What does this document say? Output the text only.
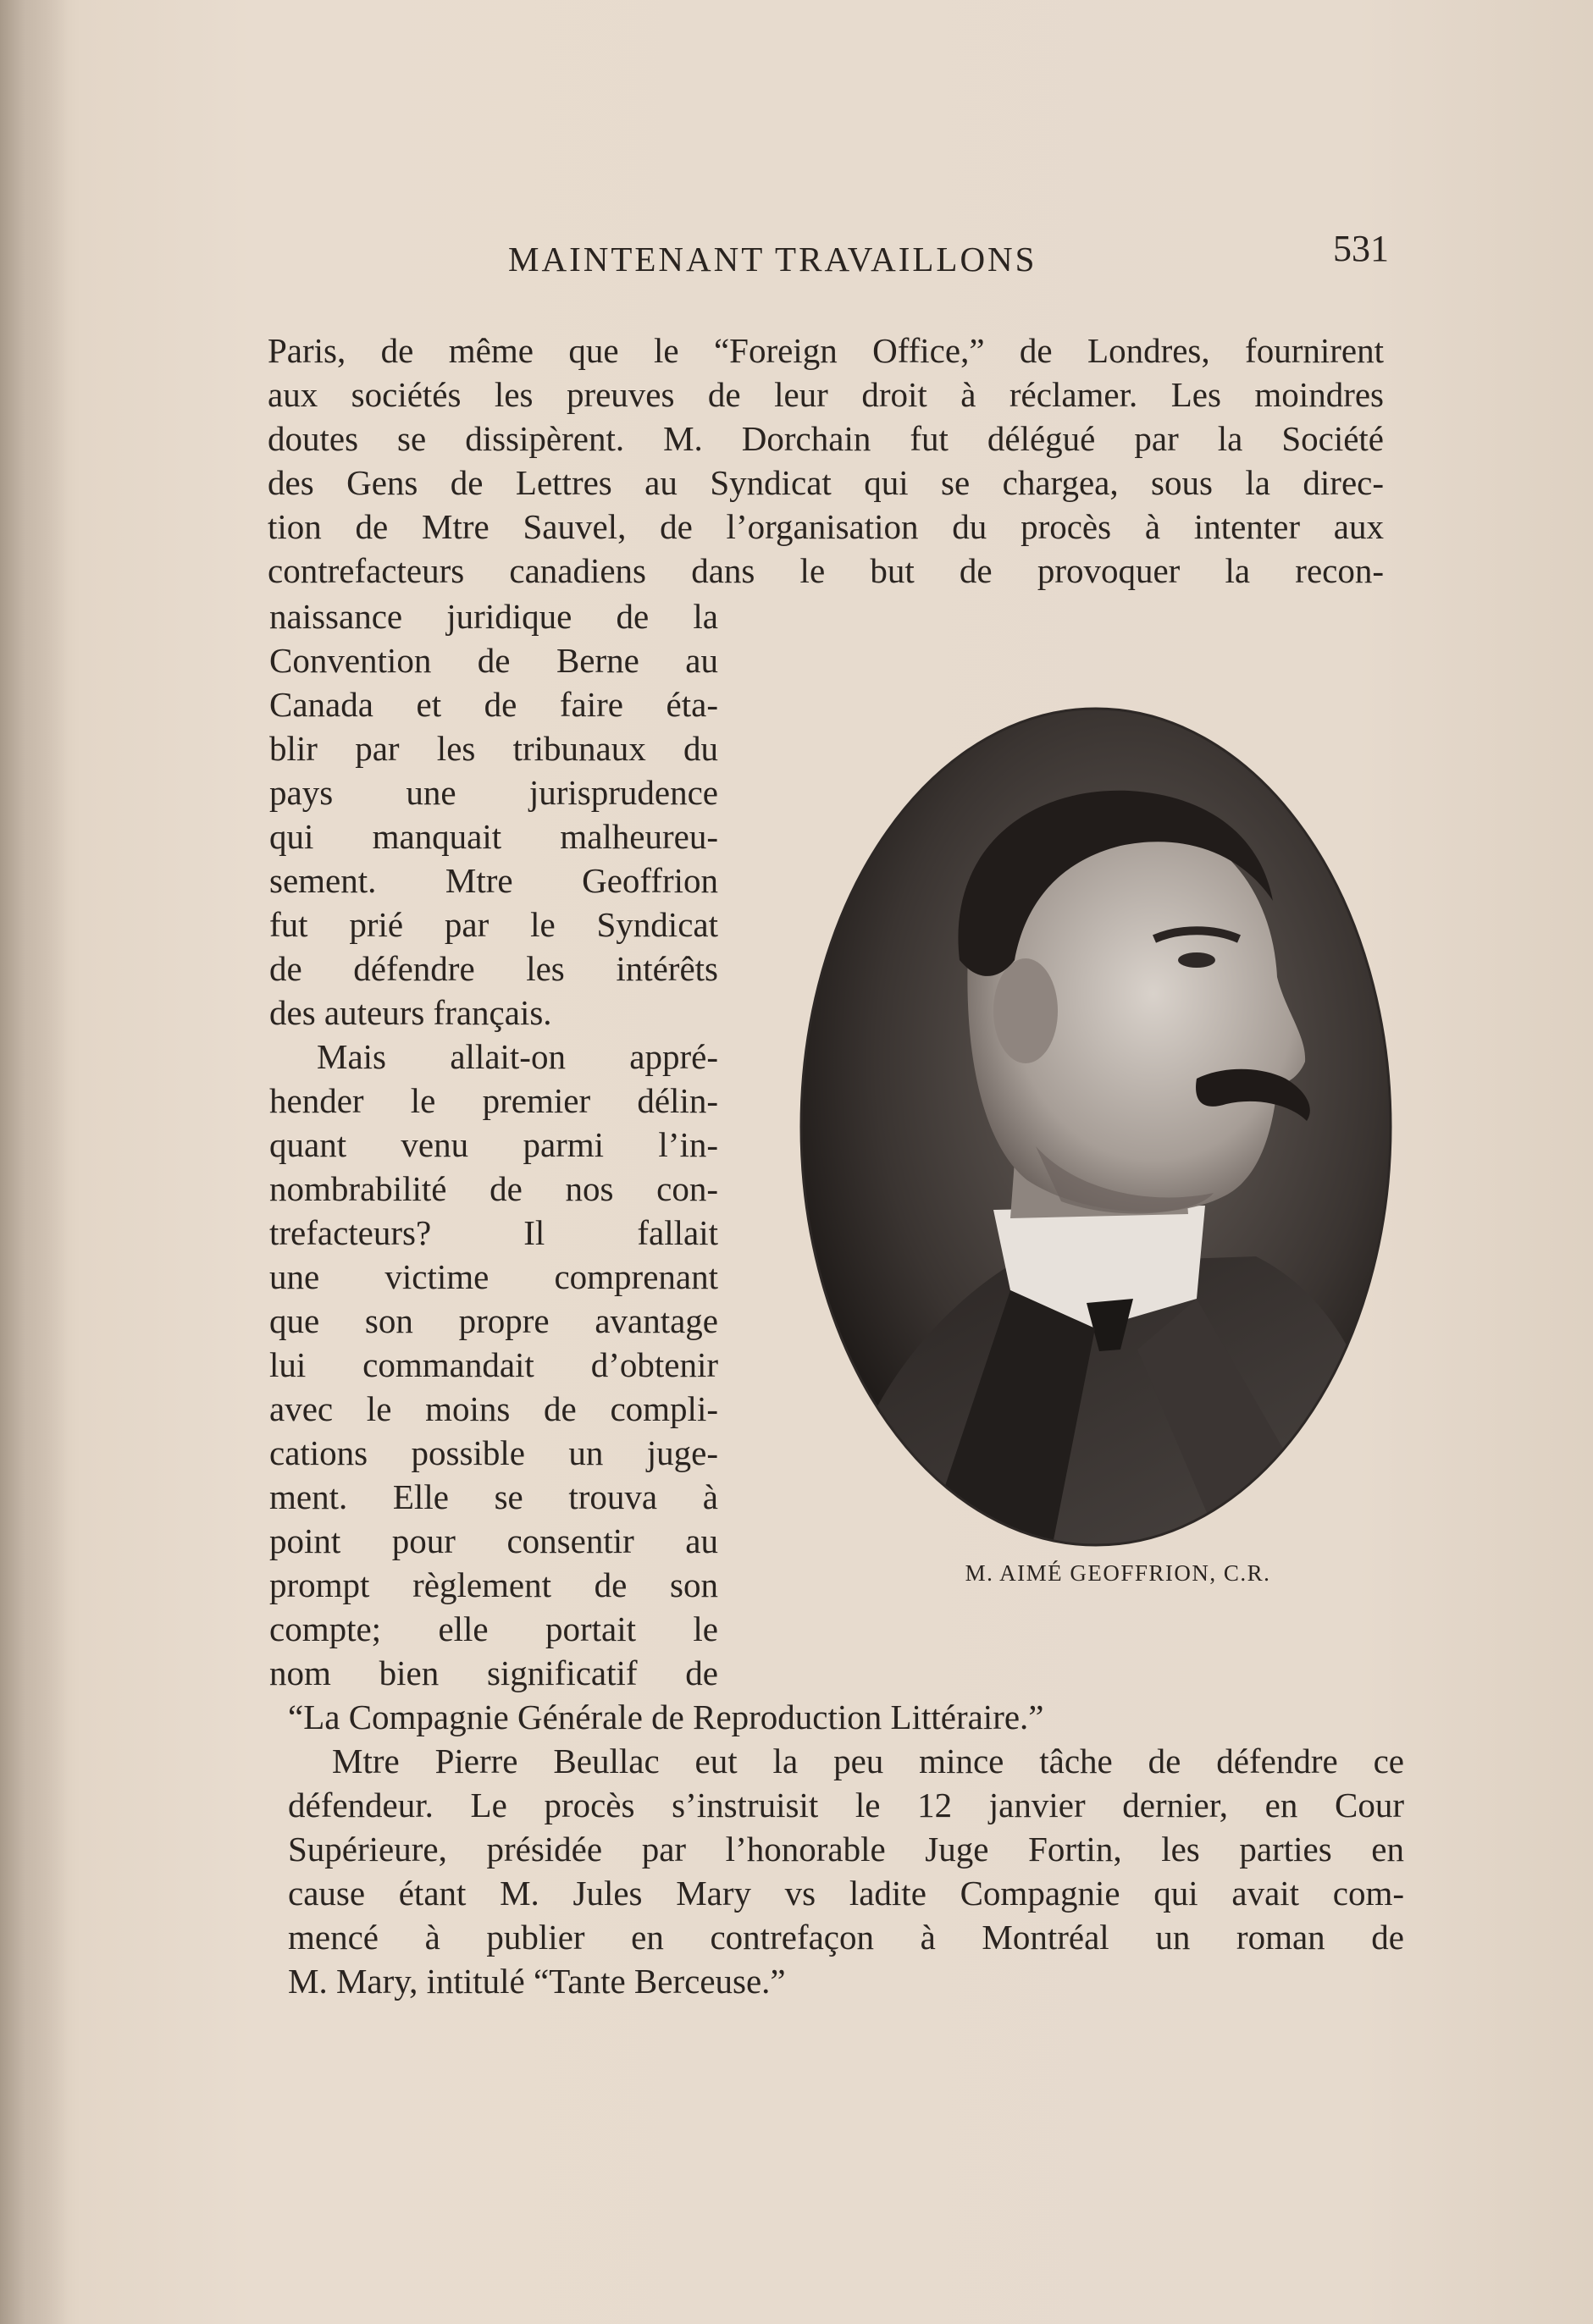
MAINTENANT TRAVAILLONS	531
Paris, de même que le “Foreign Office,” de Londres, fournirent
aux sociétés les preuves de leur droit à réclamer. Les moindres
doutes se dissipèrent. M. Dorchain fut délégué par la Société
des Gens de Lettres au Syndicat qui se chargea, sous la direc-
tion de Mtre Sauvel, de l’organisation du procès à intenter aux
contrefacteurs canadiens dans le but de provoquer la recon-
naissance juridique de la
Convention de Berne au
Canada et de faire éta-
blir par les tribunaux du
pays une jurisprudence
qui manquait malheureu-
sement. Mtre Geoffrion
fut prié par le Syndicat
de défendre les intérêts
des auteurs français.
Mais allait-on appré-
hender le premier délin-
quant venu parmi l’in-
nombrabilité de nos con-
trefacteurs? Il fallait
une victime comprenant
que son propre avantage
lui commandait d’obtenir
avec le moins de compli-
cations possible un juge-
ment. Elle se trouva à
point pour consentir au
prompt règlement de son
compte; elle portait le
nom bien significatif de
“La Compagnie Générale de Reproduction Littéraire.”
Mtre Pierre Beullac eut la peu mince tâche de défendre ce
défendeur. Le procès s’instruisit le 12 janvier dernier, en Cour
Supérieure, présidée par l’honorable Juge Fortin, les parties en
cause étant M. Jules Mary vs ladite Compagnie qui avait com-
mencé à publier en contrefaçon à Montréal un roman de
M. Mary, intitulé “Tante Berceuse.”
M. AIMÉ GEOFFRION, C.R.
